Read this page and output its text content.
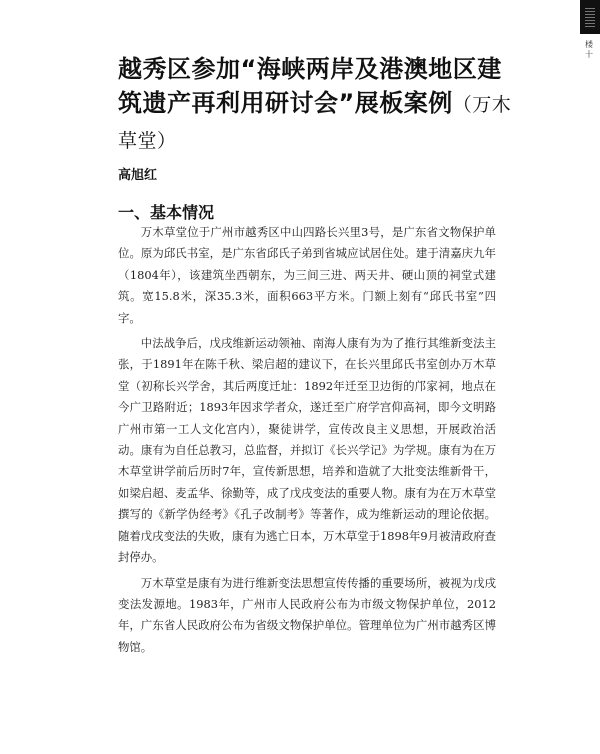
楼十
越秀区参加“海峡两岸及港澳地区建筑遗产再利用研讨会”展板案例（万木草堂）
高旭红
一、基本情况

万木草堂位于广州市越秀区中山四路长兴里3号，是广东省文物保护单位。原为邱氏书室，是广东省邱氏子弟到省城应试居住处。建于清嘉庆九年（1804年），该建筑坐西朝东，为三间三进、两天井、硬山顶的祠堂式建筑。宽15.8米，深35.3米，面积663平方米。门额上刻有“邱氏书室”四字。

中法战争后，戊戌维新运动领袖、南海人康有为为了推行其维新变法主张，于1891年在陈千秋、梁启超的建议下，在长兴里邱氏书室创办万木草堂（初称长兴学舍，其后两度迁址：1892年迁至卫边街的邝家祠，地点在今广卫路附近；1893年因求学者众，遂迁至广府学宫仰高祠，即今文明路广州市第一工人文化宫内），聚徒讲学，宣传改良主义思想，开展政治活动。康有为自任总教习，总监督，并拟订《长兴学记》为学规。康有为在万木草堂讲学前后历时7年，宣传新思想，培养和造就了大批变法维新骨干，如梁启超、麦孟华、徐勤等，成了戊戌变法的重要人物。康有为在万木草堂撰写的《新学伪经考》《孔子改制考》等著作，成为维新运动的理论依据。随着戊戌变法的失败，康有为逃亡日本，万木草堂于1898年9月被清政府查封停办。

万木草堂是康有为进行维新变法思想宣传传播的重要场所，被视为戊戌变法发源地。1983年，广州市人民政府公布为市级文物保护单位，2012年，广东省人民政府公布为省级文物保护单位。管理单位为广州市越秀区博物馆。
